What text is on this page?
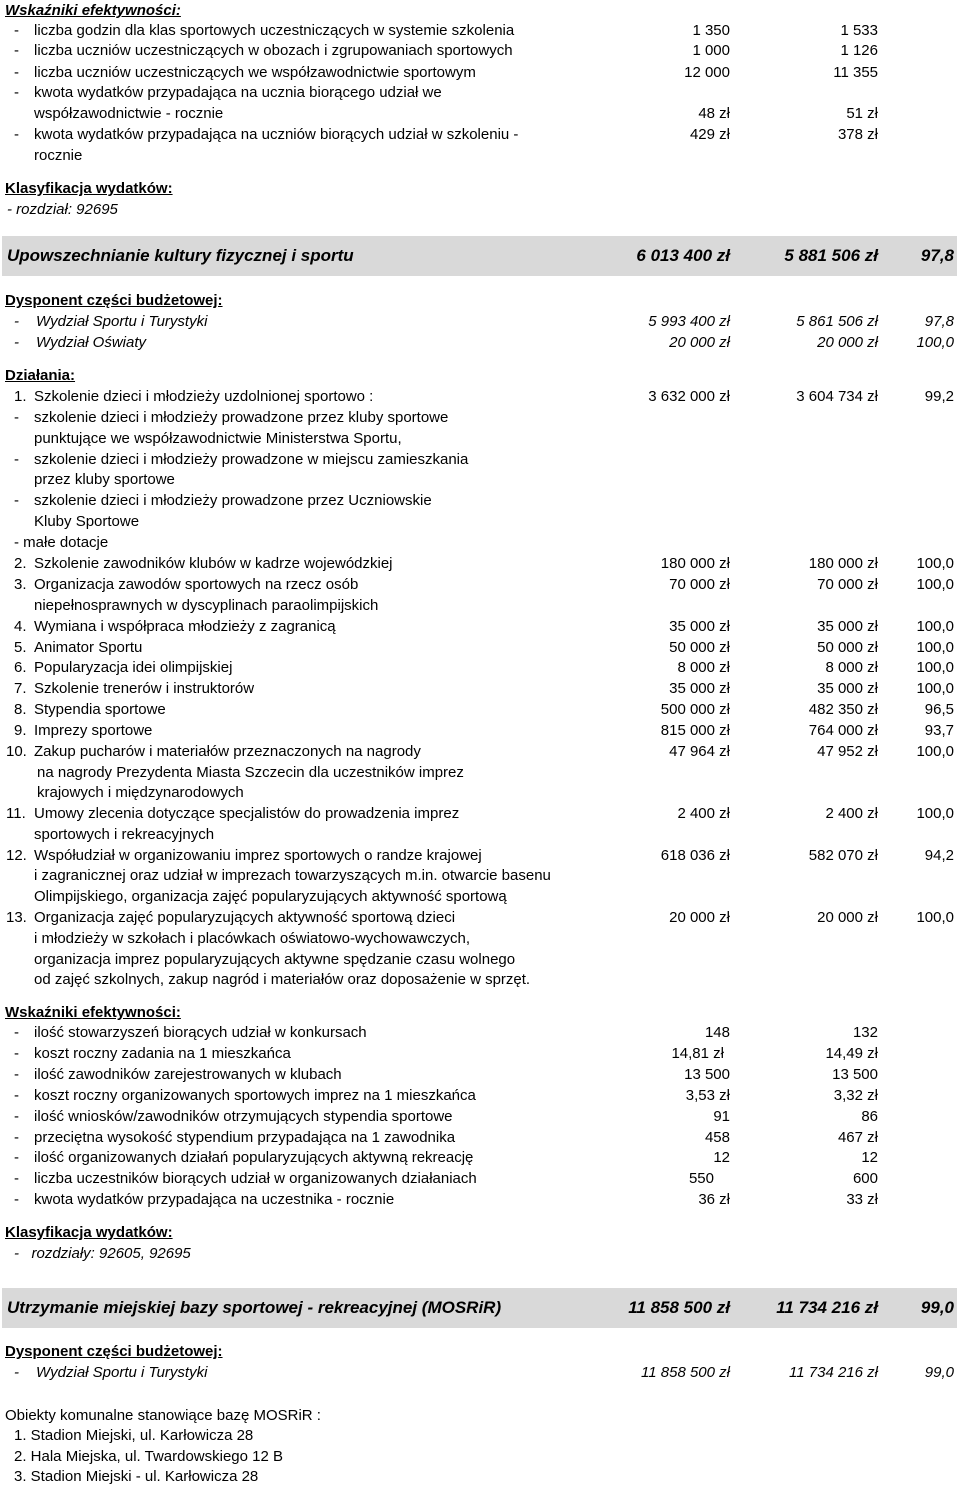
Wskaźniki efektywności:
- liczba godzin dla klas sportowych uczestniczących w systemie szkolenia	1 350	1 533
- liczba uczniów uczestniczących w obozach i zgrupowaniach sportowych	1 000	1 126
- liczba uczniów uczestniczących we współzawodnictwie sportowym	12 000	11 355
- kwota wydatków przypadająca na ucznia biorącego udział we
współzawodnictwie - rocznie	48 zł	51 zł
- kwota wydatków przypadająca na uczniów biorących udział w szkoleniu -	429 zł	378 zł
rocznie
Klasyfikacja wydatków:
- rozdział: 92695
Upowszechnianie kultury fizycznej i sportu	6 013 400 zł	5 881 506 zł	97,8
Dysponent części budżetowej:
- Wydział Sportu i Turystyki	5 993 400 zł	5 861 506 zł	97,8
- Wydział Oświaty	20 000 zł	20 000 zł	100,0
Działania:
1. Szkolenie dzieci i młodzieży uzdolnionej sportowo :	3 632 000 zł	3 604 734 zł	99,2
- szkolenie dzieci i młodzieży prowadzone przez kluby sportowe
punktujące we współzawodnictwie Ministerstwa Sportu,
- szkolenie dzieci i młodzieży prowadzone w miejscu zamieszkania
przez kluby sportowe
- szkolenie dzieci i młodzieży prowadzone przez Uczniowskie
Kluby Sportowe
- małe dotacje
2. Szkolenie zawodników klubów w kadrze wojewódzkiej	180 000 zł	180 000 zł	100,0
3. Organizacja zawodów sportowych na rzecz osób	70 000 zł	70 000 zł	100,0
niepełnosprawnych w dyscyplinach paraolimpijskich
4. Wymiana i współpraca młodzieży z zagranicą	35 000 zł	35 000 zł	100,0
5. Animator Sportu	50 000 zł	50 000 zł	100,0
6. Popularyzacja idei olimpijskiej	8 000 zł	8 000 zł	100,0
7. Szkolenie trenerów i instruktorów	35 000 zł	35 000 zł	100,0
8. Stypendia sportowe	500 000 zł	482 350 zł	96,5
9. Imprezy sportowe	815 000 zł	764 000 zł	93,7
10. Zakup pucharów i materiałów przeznaczonych na nagrody	47 964 zł	47 952 zł	100,0
na nagrody Prezydenta Miasta Szczecin dla uczestników imprez
krajowych i międzynarodowych
11. Umowy zlecenia dotyczące specjalistów do prowadzenia imprez	2 400 zł	2 400 zł	100,0
sportowych i rekreacyjnych
12. Współudział w organizowaniu imprez sportowych o randze krajowej	618 036 zł	582 070 zł	94,2
i zagranicznej oraz udział w imprezach towarzyszących m.in. otwarcie basenu
Olimpijskiego, organizacja zajęć popularyzujących aktywność sportową
13. Organizacja zajęć popularyzujących aktywność sportową dzieci	20 000 zł	20 000 zł	100,0
i młodzieży w szkołach i placówkach oświatowo-wychowawczych,
organizacja imprez popularyzujących aktywne spędzanie czasu wolnego
od zajęć szkolnych, zakup nagród i materiałów oraz doposażenie w sprzęt.
Wskaźniki efektywności:
- ilość stowarzyszeń biorących udział w konkursach	148	132
- koszt roczny zadania na 1 mieszkańca	14,81 zł	14,49 zł
- ilość zawodników zarejestrowanych w klubach	13 500	13 500
- koszt roczny organizowanych sportowych imprez na 1 mieszkańca	3,53 zł	3,32 zł
- ilość wniosków/zawodników otrzymujących stypendia sportowe	91	86
- przeciętna wysokość stypendium przypadająca na 1 zawodnika	458	467 zł
- ilość organizowanych działań popularyzujących aktywną rekreację	12	12
- liczba uczestników biorących udział w organizowanych działaniach	550	600
- kwota wydatków przypadająca na uczestnika - rocznie	36 zł	33 zł
Klasyfikacja wydatków:
-   rozdziały: 92605, 92695
Utrzymanie miejskiej bazy sportowej - rekreacyjnej (MOSRiR)	11 858 500 zł	11 734 216 zł	99,0
Dysponent części budżetowej:
- Wydział Sportu i Turystyki	11 858 500 zł	11 734 216 zł	99,0
Obiekty komunalne stanowiące bazę MOSRiR :
1. Stadion Miejski, ul. Karłowicza 28
2. Hala Miejska, ul. Twardowskiego 12 B
3. Stadion Miejski - ul. Karłowicza 28
